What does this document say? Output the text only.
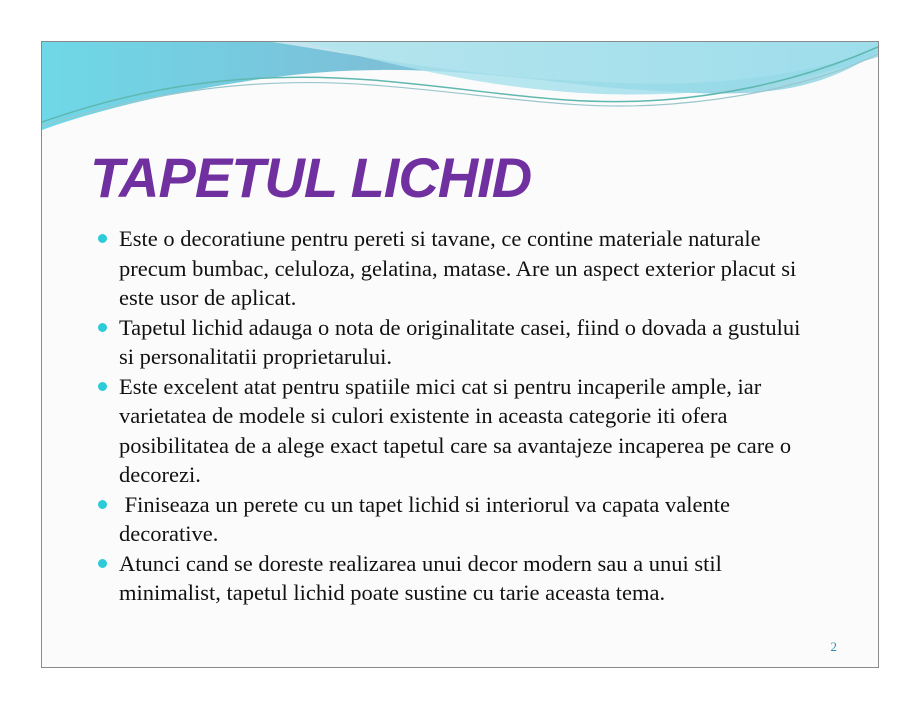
TAPETUL LICHID
Este o decoratiune pentru pereti si tavane, ce contine materiale naturale precum bumbac, celuloza, gelatina, matase. Are un aspect exterior placut si este usor de aplicat.
Tapetul lichid adauga o nota de originalitate casei, fiind o dovada a gustului si personalitatii proprietarului.
Este excelent atat pentru spatiile mici cat si pentru incaperile ample, iar varietatea de modele si culori existente in aceasta categorie iti ofera posibilitatea de a alege exact tapetul care sa avantajeze incaperea pe care o decorezi.
Finiseaza un perete cu un tapet lichid si interiorul va capata valente decorative.
Atunci cand se doreste realizarea unui decor modern sau a unui stil minimalist, tapetul lichid poate sustine cu tarie aceasta tema.
2
